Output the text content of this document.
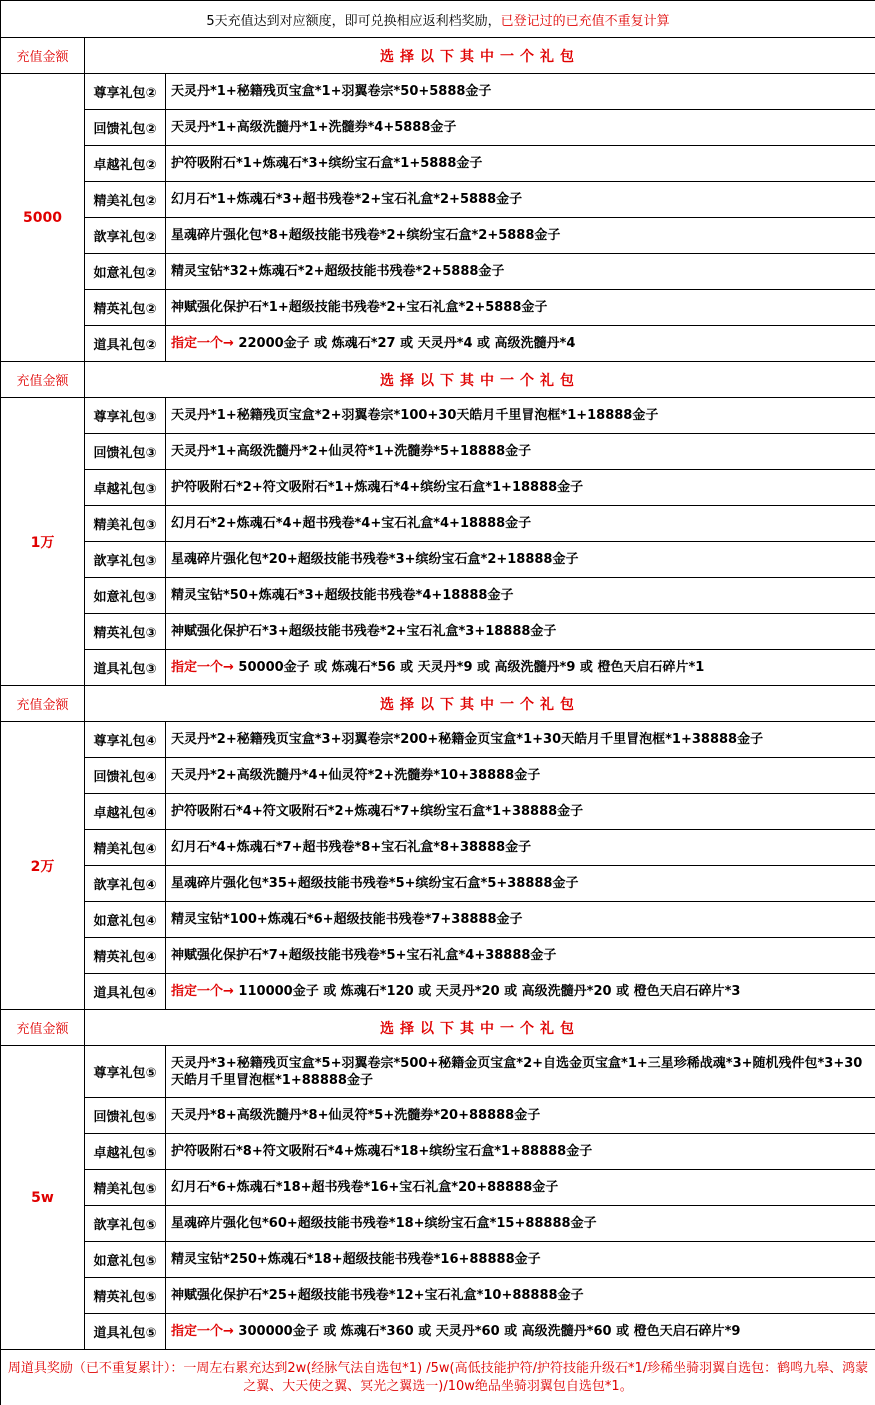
5天充值达到对应额度，即可兑换相应返利档奖励，已登记过的已充值不重复计算		
充值金额	选择以下其中一个礼包	
5000	尊享礼包②	天灵丹*1+秘籍残页宝盒*1+羽翼卷宗*50+5888金子
	回馈礼包②	天灵丹*1+高级洗髓丹*1+洗髓券*4+5888金子
	卓越礼包②	护符吸附石*1+炼魂石*3+缤纷宝石盒*1+5888金子
	精美礼包②	幻月石*1+炼魂石*3+超书残卷*2+宝石礼盒*2+5888金子
	歆享礼包②	星魂碎片强化包*8+超级技能书残卷*2+缤纷宝石盒*2+5888金子
	如意礼包②	精灵宝钻*32+炼魂石*2+超级技能书残卷*2+5888金子
	精英礼包②	神赋强化保护石*1+超级技能书残卷*2+宝石礼盒*2+5888金子
	道具礼包②	指定一个→ 22000金子 或 炼魂石*27 或 天灵丹*4 或 高级洗髓丹*4
充值金额	选择以下其中一个礼包	
1万	尊享礼包③	天灵丹*1+秘籍残页宝盒*2+羽翼卷宗*100+30天皓月千里冒泡框*1+18888金子
	回馈礼包③	天灵丹*1+高级洗髓丹*2+仙灵符*1+洗髓券*5+18888金子
	卓越礼包③	护符吸附石*2+符文吸附石*1+炼魂石*4+缤纷宝石盒*1+18888金子
	精美礼包③	幻月石*2+炼魂石*4+超书残卷*4+宝石礼盒*4+18888金子
	歆享礼包③	星魂碎片强化包*20+超级技能书残卷*3+缤纷宝石盒*2+18888金子
	如意礼包③	精灵宝钻*50+炼魂石*3+超级技能书残卷*4+18888金子
	精英礼包③	神赋强化保护石*3+超级技能书残卷*2+宝石礼盒*3+18888金子
	道具礼包③	指定一个→ 50000金子 或 炼魂石*56 或 天灵丹*9 或 高级洗髓丹*9 或 橙色天启石碎片*1
充值金额	选择以下其中一个礼包	
2万	尊享礼包④	天灵丹*2+秘籍残页宝盒*3+羽翼卷宗*200+秘籍金页宝盒*1+30天皓月千里冒泡框*1+38888金子
	回馈礼包④	天灵丹*2+高级洗髓丹*4+仙灵符*2+洗髓券*10+38888金子
	卓越礼包④	护符吸附石*4+符文吸附石*2+炼魂石*7+缤纷宝石盒*1+38888金子
	精美礼包④	幻月石*4+炼魂石*7+超书残卷*8+宝石礼盒*8+38888金子
	歆享礼包④	星魂碎片强化包*35+超级技能书残卷*5+缤纷宝石盒*5+38888金子
	如意礼包④	精灵宝钻*100+炼魂石*6+超级技能书残卷*7+38888金子
	精英礼包④	神赋强化保护石*7+超级技能书残卷*5+宝石礼盒*4+38888金子
	道具礼包④	指定一个→ 110000金子 或 炼魂石*120 或 天灵丹*20 或 高级洗髓丹*20 或 橙色天启石碎片*3
充值金额	选择以下其中一个礼包	
5w	尊享礼包⑤	天灵丹*3+秘籍残页宝盒*5+羽翼卷宗*500+秘籍金页宝盒*2+自选金页宝盒*1+三星珍稀战魂*3+随机残件包*3+30天皓月千里冒泡框*1+88888金子
	回馈礼包⑤	天灵丹*8+高级洗髓丹*8+仙灵符*5+洗髓券*20+88888金子
	卓越礼包⑤	护符吸附石*8+符文吸附石*4+炼魂石*18+缤纷宝石盒*1+88888金子
	精美礼包⑤	幻月石*6+炼魂石*18+超书残卷*16+宝石礼盒*20+88888金子
	歆享礼包⑤	星魂碎片强化包*60+超级技能书残卷*18+缤纷宝石盒*15+88888金子
	如意礼包⑤	精灵宝钻*250+炼魂石*18+超级技能书残卷*16+88888金子
	精英礼包⑤	神赋强化保护石*25+超级技能书残卷*12+宝石礼盒*10+88888金子
	道具礼包⑤	指定一个→ 300000金子 或 炼魂石*360 或 天灵丹*60 或 高级洗髓丹*60 或 橙色天启石碎片*9
周道具奖励（已不重复累计）：一周左右累充达到2w(经脉气法自选包*1) /5w(高低技能护符/护符技能升级石*1/珍稀坐骑羽翼自选包：鹤鸣九皋、鸿蒙之翼、大天使之翼、冥光之翼选一)/10w绝品坐骑羽翼包自选包*1。		
